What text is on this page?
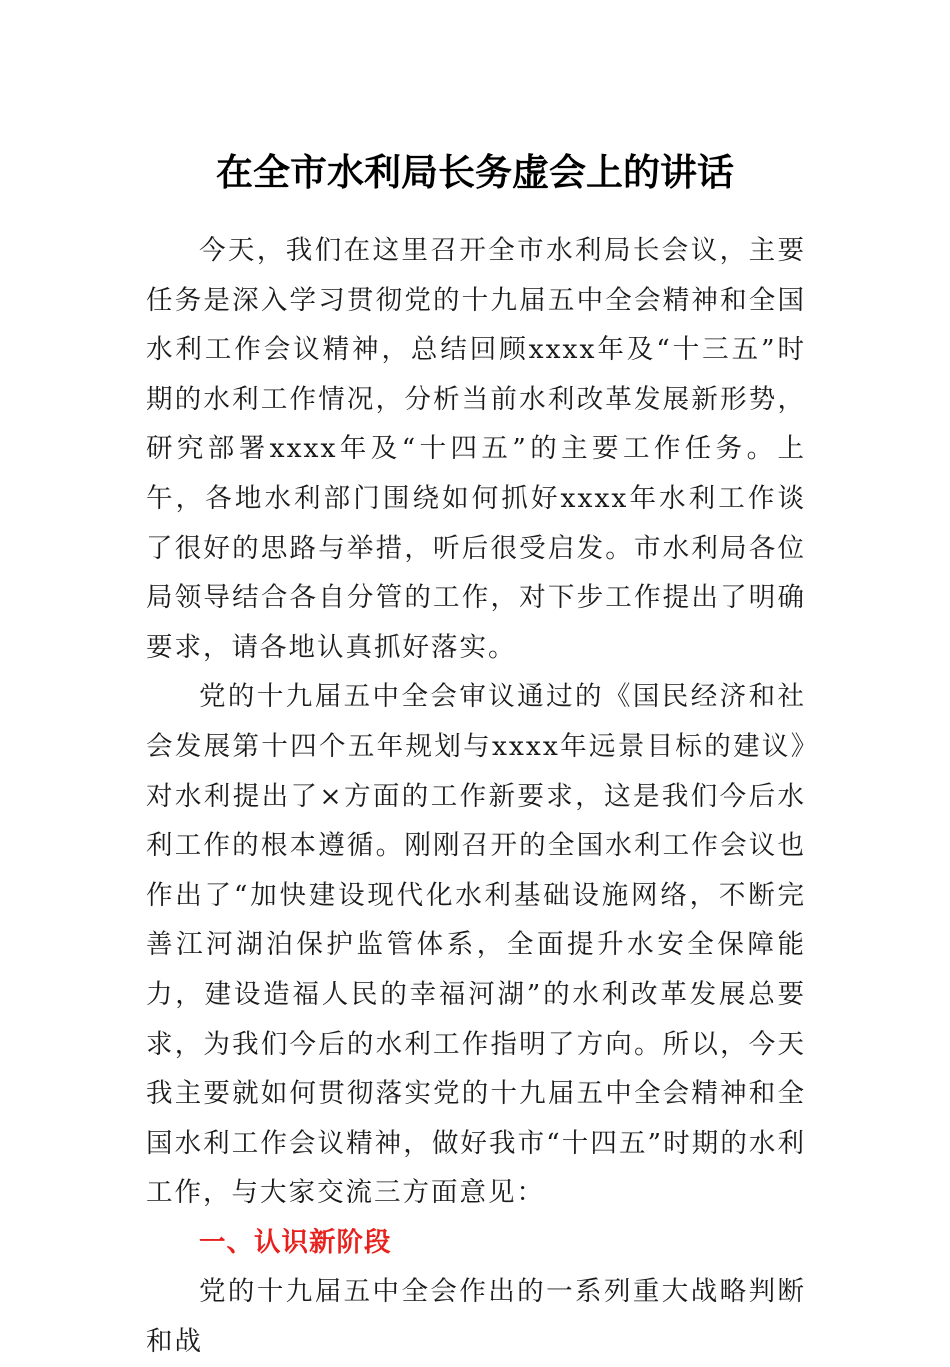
在全市水利局长务虚会上的讲话

今天，我们在这里召开全市水利局长会议，主要任务是深入学习贯彻党的十九届五中全会精神和全国水利工作会议精神，总结回顾xxxx年及“十三五”时期的水利工作情况，分析当前水利改革发展新形势，研究部署xxxx年及“十四五”的主要工作任务。上午，各地水利部门围绕如何抓好xxxx年水利工作谈了很好的思路与举措，听后很受启发。市水利局各位局领导结合各自分管的工作，对下步工作提出了明确要求，请各地认真抓好落实。

党的十九届五中全会审议通过的《国民经济和社会发展第十四个五年规划与xxxx年远景目标的建议》对水利提出了×方面的工作新要求，这是我们今后水利工作的根本遵循。刚刚召开的全国水利工作会议也作出了“加快建设现代化水利基础设施网络，不断完善江河湖泊保护监管体系，全面提升水安全保障能力，建设造福人民的幸福河湖”的水利改革发展总要求，为我们今后的水利工作指明了方向。所以，今天我主要就如何贯彻落实党的十九届五中全会精神和全国水利工作会议精神，做好我市“十四五”时期的水利工作，与大家交流三方面意见：

一、认识新阶段

党的十九届五中全会作出的一系列重大战略判断和战
